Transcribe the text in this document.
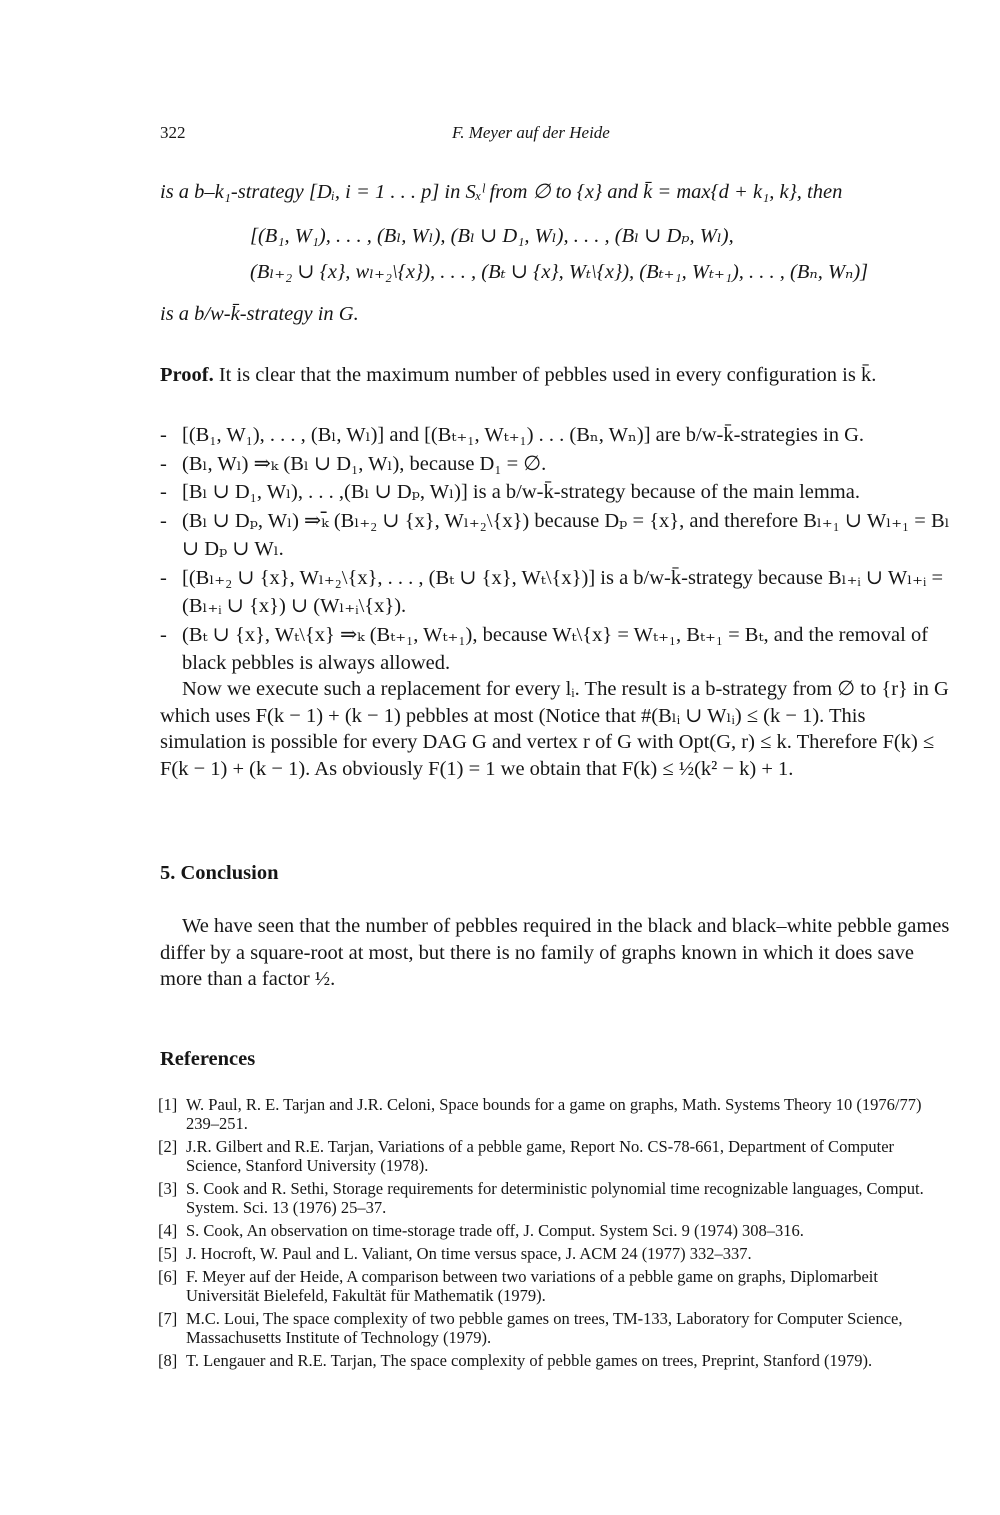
322	F. Meyer auf der Heide
is a b–k₁-strategy [Dᵢ, i = 1 . . . p] in Sₓˡ from ∅ to {x} and k̄ = max{d + k₁, k}, then
[(B₁, W₁), . . . , (Bₗ, Wₗ), (Bₗ ∪ D₁, Wₗ), . . . , (Bₗ ∪ Dₚ, Wₗ),
(Bₗ₊₂ ∪ {x}, wₗ₊₂\{x}), . . . , (Bₜ ∪ {x}, Wₜ\{x}), (Bₜ₊₁, Wₜ₊₁), . . . , (Bₙ, Wₙ)]
is a b/w-k̄-strategy in G.
Proof. It is clear that the maximum number of pebbles used in every configuration is k̄.
- [(B₁, W₁), . . . , (Bₗ, Wₗ)] and [(Bₜ₊₁, Wₜ₊₁) . . . (Bₙ, Wₙ)] are b/w-k̄-strategies in G.
- (Bₗ, Wₗ) ⇒ₖ (Bₗ ∪ D₁, Wₗ), because D₁ = ∅.
- [Bₗ ∪ D₁, Wₗ), . . . ,(Bₗ ∪ Dₚ, Wₗ)] is a b/w-k̄-strategy because of the main lemma.
- (Bₗ ∪ Dₚ, Wₗ) ⇒ₖ̄ (Bₗ₊₂ ∪ {x}, Wₗ₊₂\{x}) because Dₚ = {x}, and therefore Bₗ₊₁ ∪ Wₗ₊₁ = Bₗ ∪ Dₚ ∪ Wₗ.
- [(Bₗ₊₂ ∪ {x}, Wₗ₊₂\{x}, . . . , (Bₜ ∪ {x}, Wₜ\{x})] is a b/w-k̄-strategy because Bₗ₊ᵢ ∪ Wₗ₊ᵢ = (Bₗ₊ᵢ ∪ {x}) ∪ (Wₗ₊ᵢ\{x}).
- (Bₜ ∪ {x}, Wₜ\{x} ⇒ₖ (Bₜ₊₁, Wₜ₊₁), because Wₜ\{x} = Wₜ₊₁, Bₜ₊₁ = Bₜ, and the removal of black pebbles is always allowed.
Now we execute such a replacement for every lᵢ. The result is a b-strategy from ∅ to {r} in G which uses F(k − 1) + (k − 1) pebbles at most (Notice that #(Bₗᵢ ∪ Wₗᵢ) ≤ (k − 1). This simulation is possible for every DAG G and vertex r of G with Opt(G, r) ≤ k. Therefore F(k) ≤ F(k − 1) + (k − 1). As obviously F(1) = 1 we obtain that F(k) ≤ ½(k² − k) + 1.
5. Conclusion
We have seen that the number of pebbles required in the black and black–white pebble games differ by a square-root at most, but there is no family of graphs known in which it does save more than a factor ½.
References
[1] W. Paul, R. E. Tarjan and J.R. Celoni, Space bounds for a game on graphs, Math. Systems Theory 10 (1976/77) 239–251.
[2] J.R. Gilbert and R.E. Tarjan, Variations of a pebble game, Report No. CS-78-661, Department of Computer Science, Stanford University (1978).
[3] S. Cook and R. Sethi, Storage requirements for deterministic polynomial time recognizable languages, Comput. System. Sci. 13 (1976) 25–37.
[4] S. Cook, An observation on time-storage trade off, J. Comput. System Sci. 9 (1974) 308–316.
[5] J. Hocroft, W. Paul and L. Valiant, On time versus space, J. ACM 24 (1977) 332–337.
[6] F. Meyer auf der Heide, A comparison between two variations of a pebble game on graphs, Diplomarbeit Universität Bielefeld, Fakultät für Mathematik (1979).
[7] M.C. Loui, The space complexity of two pebble games on trees, TM-133, Laboratory for Computer Science, Massachusetts Institute of Technology (1979).
[8] T. Lengauer and R.E. Tarjan, The space complexity of pebble games on trees, Preprint, Stanford (1979).
